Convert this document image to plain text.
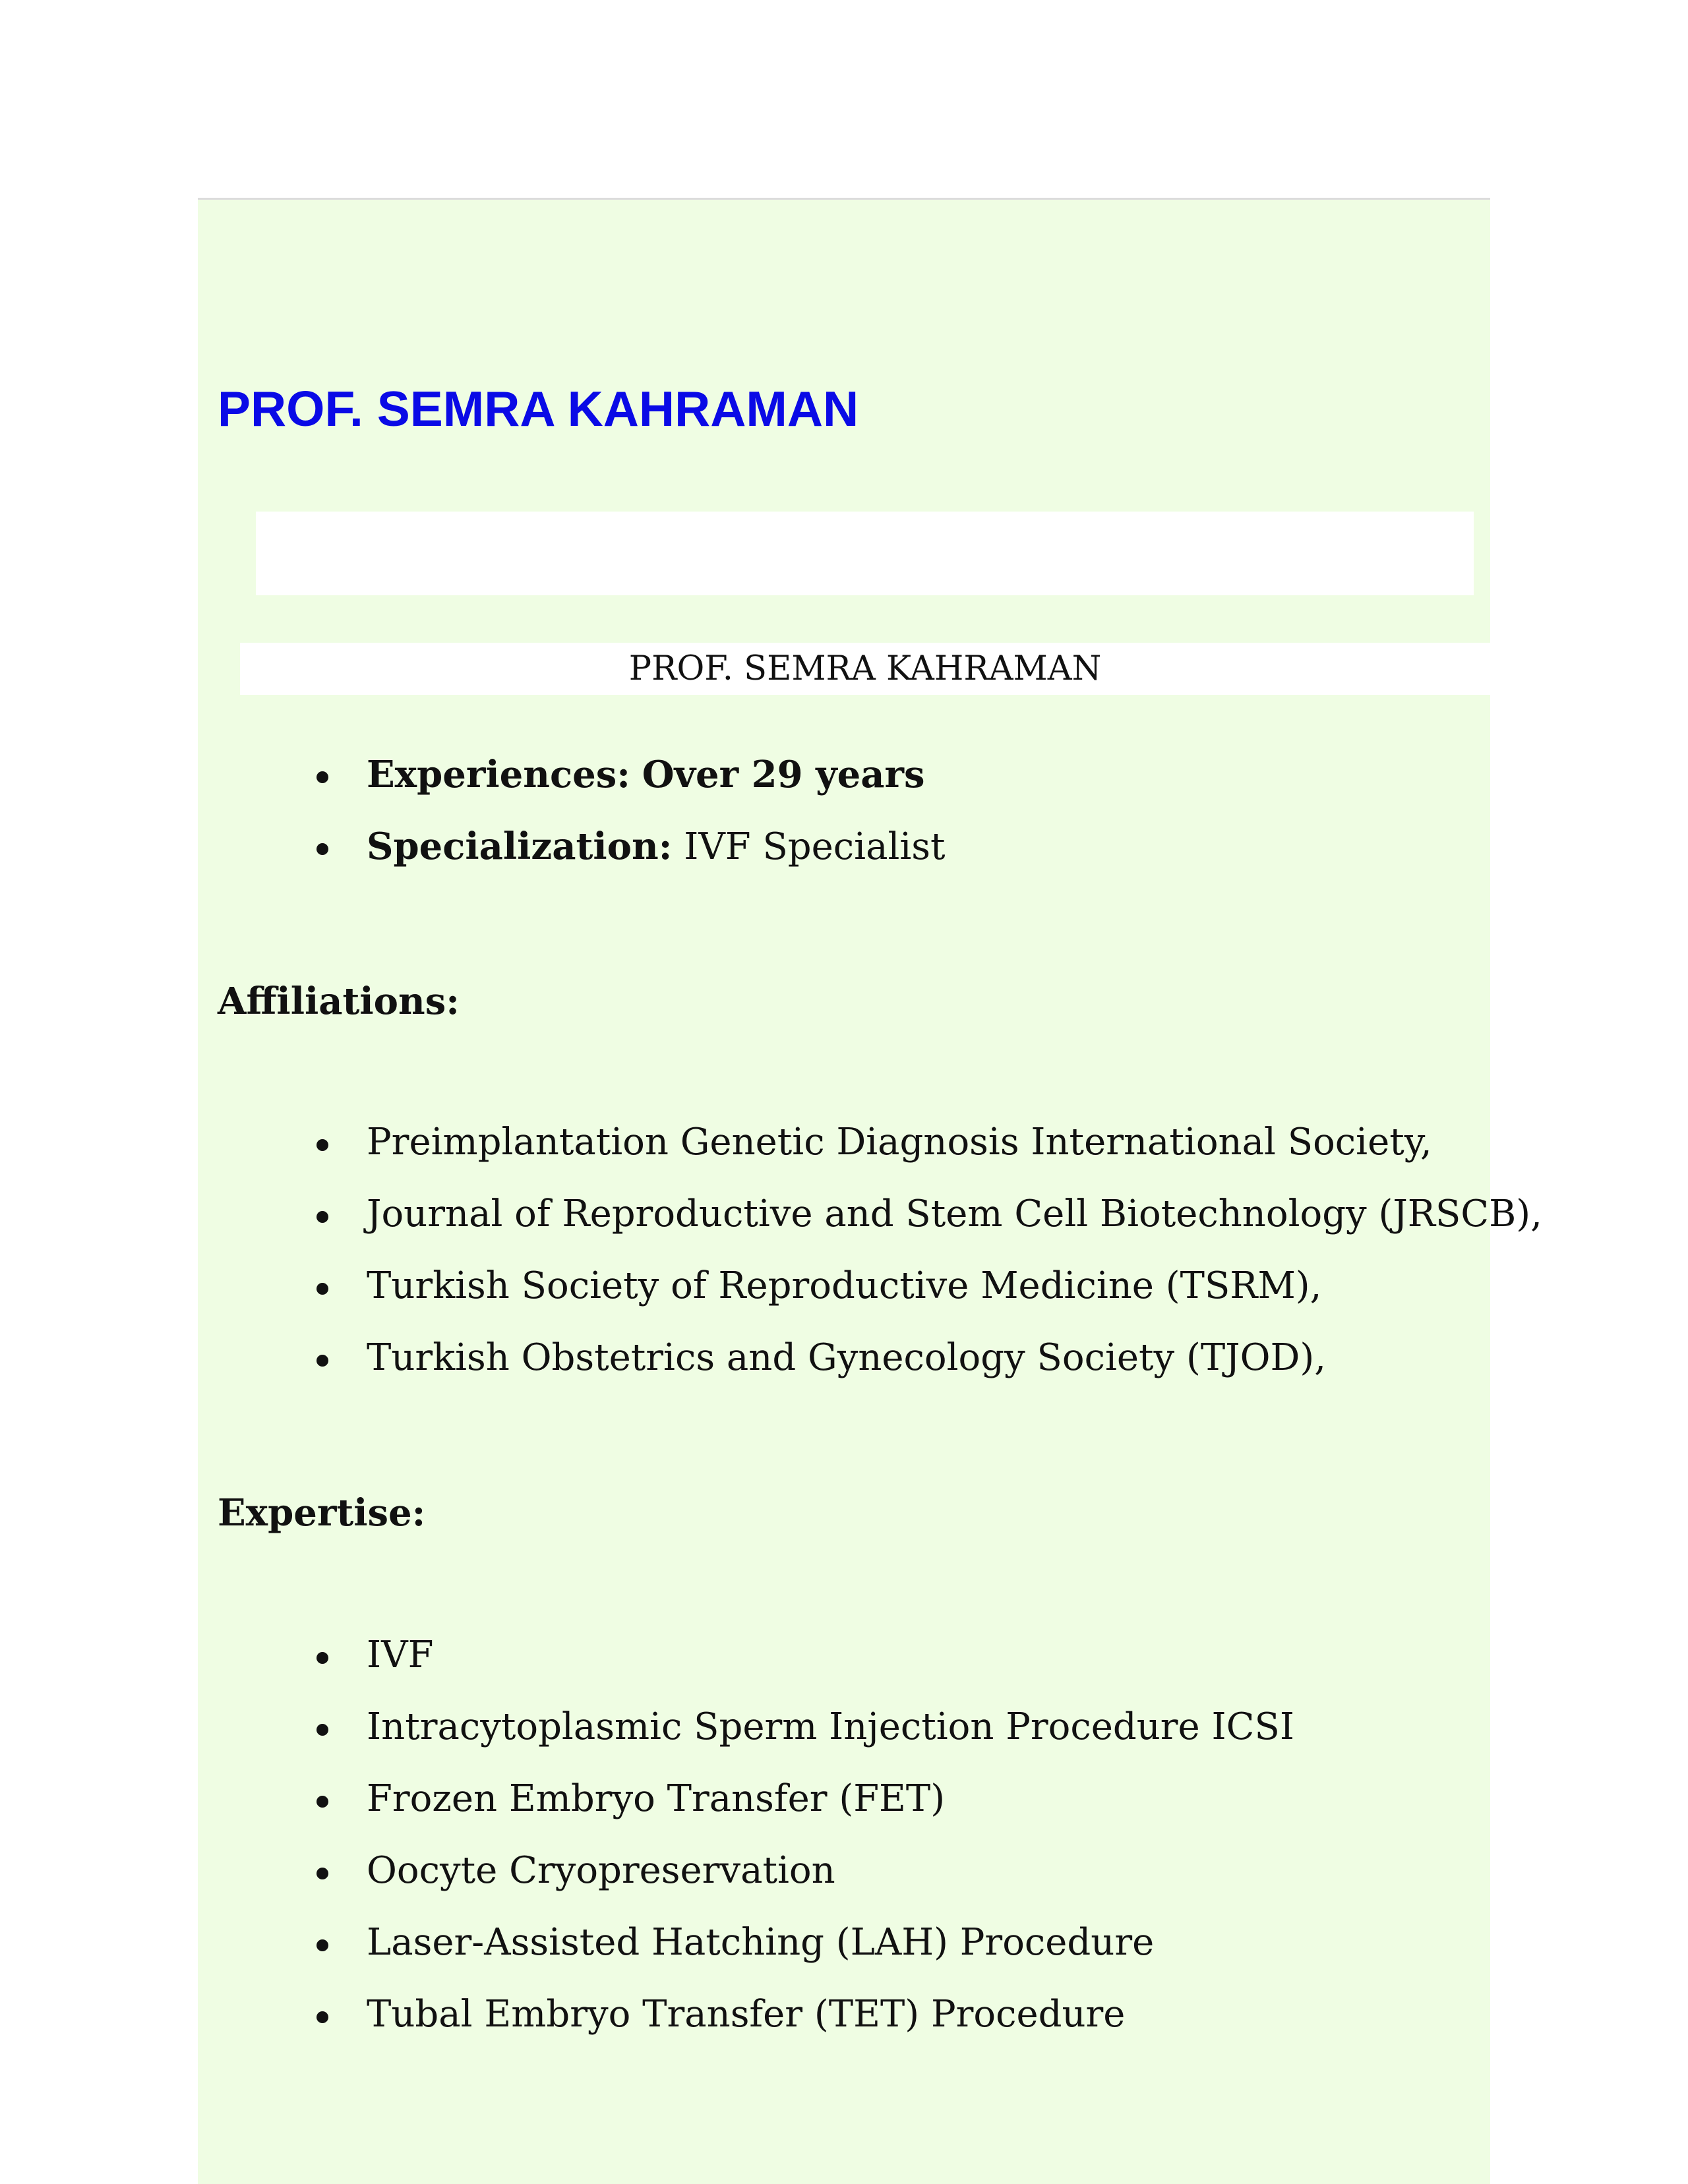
PROF. SEMRA KAHRAMAN
PROF. SEMRA KAHRAMAN
Experiences: Over 29 years
Specialization: IVF Specialist
Affiliations:
Preimplantation Genetic Diagnosis International Society,
Journal of Reproductive and Stem Cell Biotechnology (JRSCB),
Turkish Society of Reproductive Medicine (TSRM),
Turkish Obstetrics and Gynecology Society (TJOD),
Expertise:
IVF
Intracytoplasmic Sperm Injection Procedure ICSI
Frozen Embryo Transfer (FET)
Oocyte Cryopreservation
Laser-Assisted Hatching (LAH) Procedure
Tubal Embryo Transfer (TET) Procedure
